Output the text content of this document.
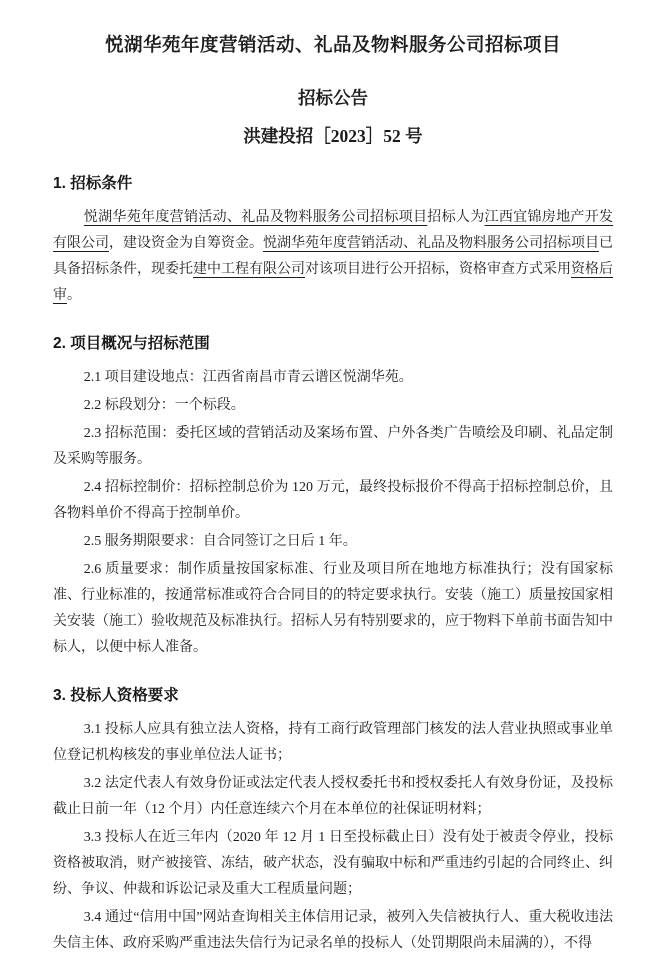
悦湖华苑年度营销活动、礼品及物料服务公司招标项目
招标公告
洪建投招［2023］52 号
1. 招标条件

悦湖华苑年度营销活动、礼品及物料服务公司招标项目招标人为江西宜锦房地产开发有限公司，建设资金为自筹资金。悦湖华苑年度营销活动、礼品及物料服务公司招标项目已具备招标条件，现委托建中工程有限公司对该项目进行公开招标，资格审查方式采用资格后审。

2. 项目概况与招标范围

2.1 项目建设地点：江西省南昌市青云谱区悦湖华苑。

2.2 标段划分：一个标段。

2.3 招标范围：委托区域的营销活动及案场布置、户外各类广告喷绘及印刷、礼品定制及采购等服务。

2.4 招标控制价：招标控制总价为 120 万元，最终投标报价不得高于招标控制总价，且各物料单价不得高于控制单价。

2.5 服务期限要求：自合同签订之日后 1 年。

2.6 质量要求：制作质量按国家标准、行业及项目所在地地方标准执行；没有国家标准、行业标准的，按通常标准或符合合同目的的特定要求执行。安装（施工）质量按国家相关安装（施工）验收规范及标准执行。招标人另有特别要求的，应于物料下单前书面告知中标人，以便中标人准备。

3. 投标人资格要求

3.1 投标人应具有独立法人资格，持有工商行政管理部门核发的法人营业执照或事业单位登记机构核发的事业单位法人证书；

3.2 法定代表人有效身份证或法定代表人授权委托书和授权委托人有效身份证，及投标截止日前一年（12 个月）内任意连续六个月在本单位的社保证明材料；

3.3 投标人在近三年内（2020 年 12 月 1 日至投标截止日）没有处于被责令停业，投标资格被取消，财产被接管、冻结，破产状态，没有骗取中标和严重违约引起的合同终止、纠纷、争议、仲裁和诉讼记录及重大工程质量问题；

3.4 通过“信用中国”网站查询相关主体信用记录，被列入失信被执行人、重大税收违法失信主体、政府采购严重违法失信行为记录名单的投标人（处罚期限尚未届满的），不得
